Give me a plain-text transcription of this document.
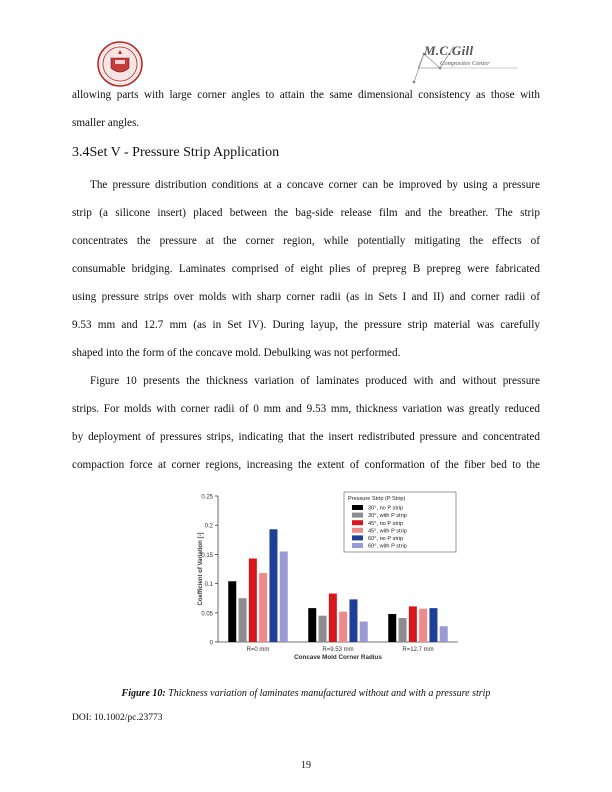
M.C.Gill
Composites Center
allowing parts with large corner angles to attain the same dimensional consistency as those with
smaller angles.
3.4Set V - Pressure Strip Application
The pressure distribution conditions at a concave corner can be improved by using a pressure
strip (a silicone insert) placed between the bag-side release film and the breather. The strip
concentrates the pressure at the corner region, while potentially mitigating the effects of
consumable bridging. Laminates comprised of eight plies of prepreg B prepreg were fabricated
using pressure strips over molds with sharp corner radii (as in Sets I and II) and corner radii of
9.53 mm and 12.7 mm (as in Set IV). During layup, the pressure strip material was carefully
shaped into the form of the concave mold. Debulking was not performed.
Figure 10 presents the thickness variation of laminates produced with and without pressure
strips. For molds with corner radii of 0 mm and 9.53 mm, thickness variation was greatly reduced
by deployment of pressures strips, indicating that the insert redistributed pressure and concentrated
compaction force at corner regions, increasing the extent of conformation of the fiber bed to the
0
0.05
0.1
0.15
0.2
0.25
Coefficient of Variation [-]
R=0 mm	R=9.53 mm	R=12.7 mm
Concave Mold Corner Radius
Pressure Strip (P Strip)
30°, no P strip
30°, with P strip
45°, no P strip
45°, with P strip
60°, no P strip
60°, with P strip

Figure 10: Thickness variation of laminates manufactured without and with a pressure strip

DOI: 10.1002/pc.23773

19
